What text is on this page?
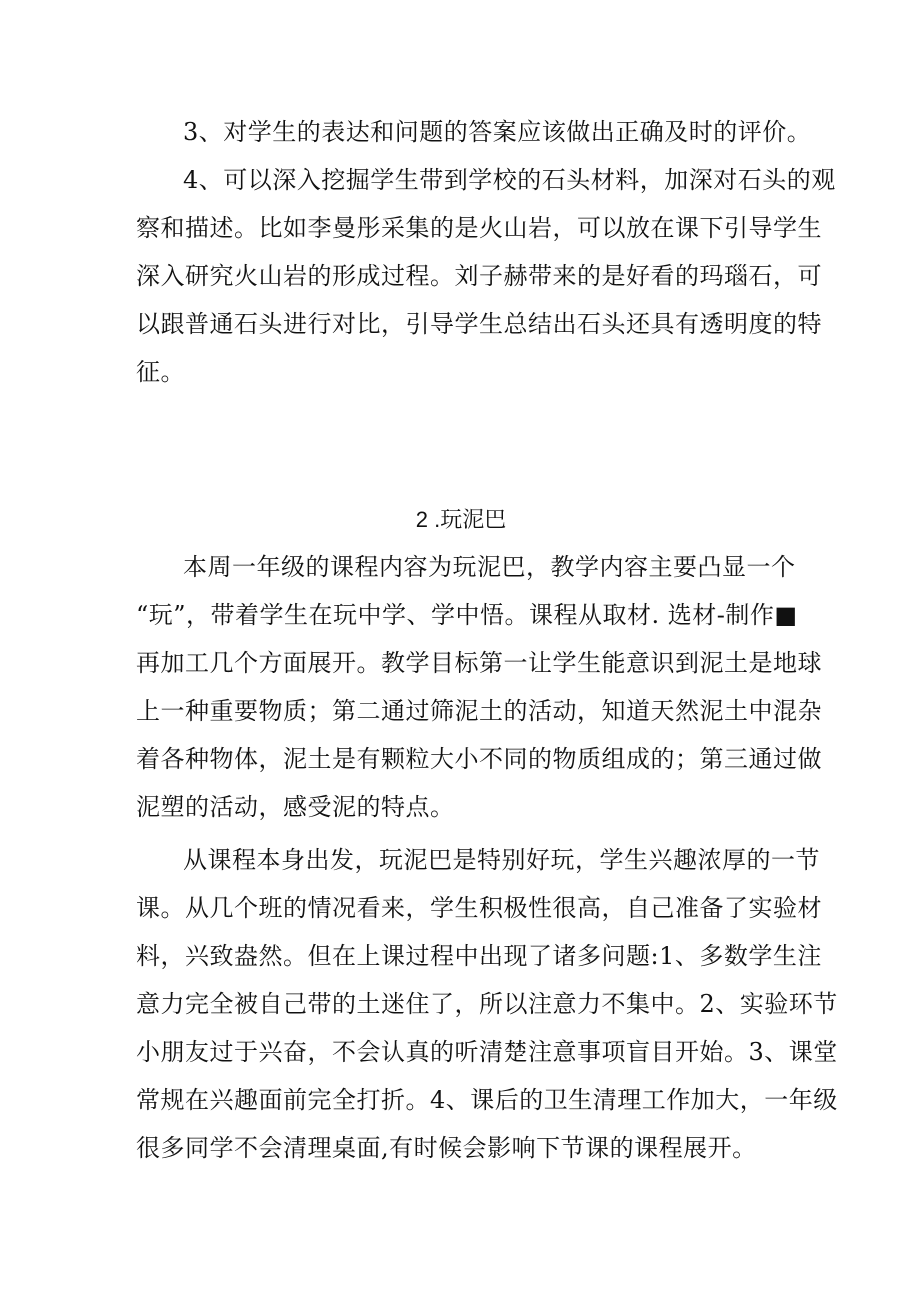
3、对学生的表达和问题的答案应该做出正确及时的评价。
4、可以深入挖掘学生带到学校的石头材料，加深对石头的观
察和描述。比如李曼彤采集的是火山岩，可以放在课下引导学生
深入研究火山岩的形成过程。刘子赫带来的是好看的玛瑙石，可
以跟普通石头进行对比，引导学生总结出石头还具有透明度的特
征。
2 .玩泥巴
本周一年级的课程内容为玩泥巴，教学内容主要凸显一个
“玩”，带着学生在玩中学、学中悟。课程从取材. 选材-制作■
再加工几个方面展开。教学目标第一让学生能意识到泥土是地球
上一种重要物质；第二通过筛泥土的活动，知道天然泥土中混杂
着各种物体，泥土是有颗粒大小不同的物质组成的；第三通过做
泥塑的活动，感受泥的特点。
从课程本身出发，玩泥巴是特别好玩，学生兴趣浓厚的一节
课。从几个班的情况看来，学生积极性很高，自己准备了实验材
料，兴致盎然。但在上课过程中出现了诸多问题:1、多数学生注
意力完全被自己带的土迷住了，所以注意力不集中。2、实验环节
小朋友过于兴奋，不会认真的听清楚注意事项盲目开始。3、课堂
常规在兴趣面前完全打折。4、课后的卫生清理工作加大，一年级
很多同学不会清理桌面,有时候会影响下节课的课程展开。
